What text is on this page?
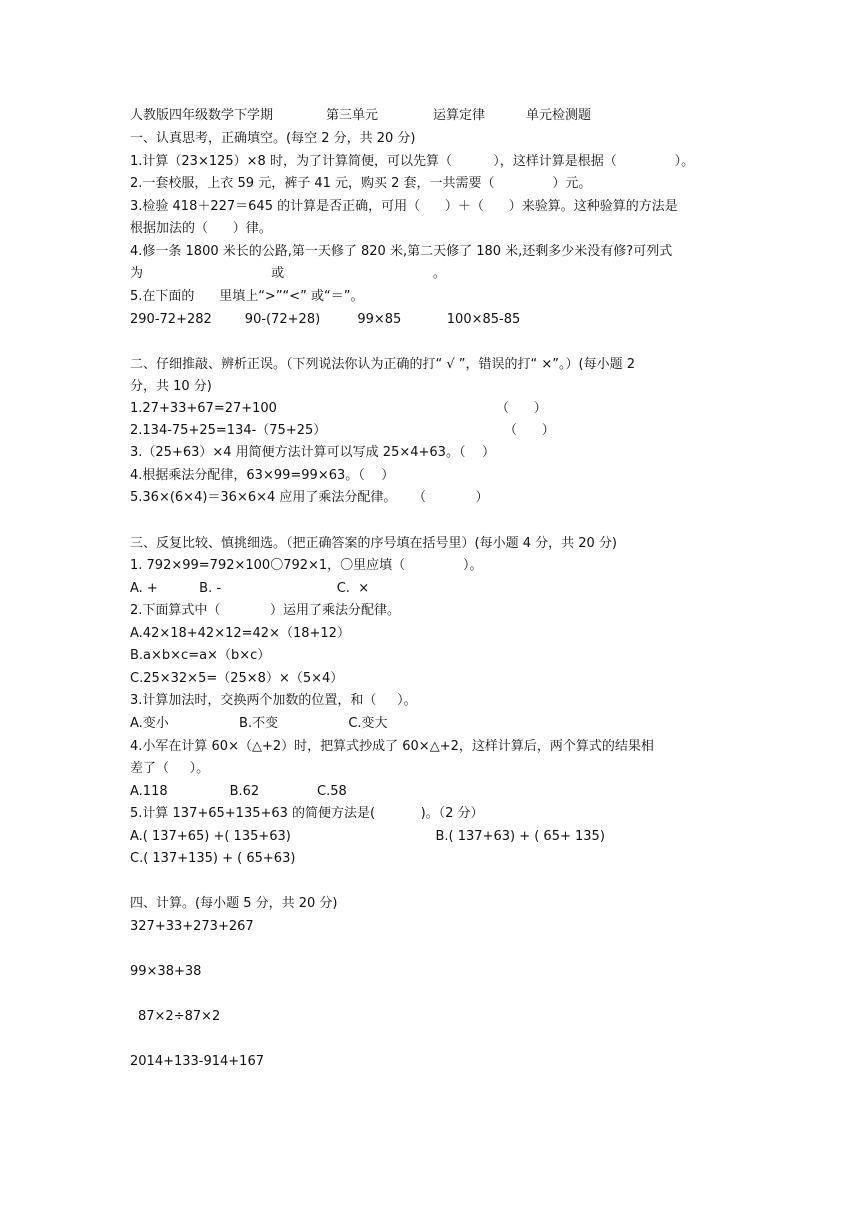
人教版四年级数学下学期

	第三单元

	运算定律

	单元检测题

一、认真思考，正确填空。(每空 2 分，共 20 分)
1.计算（23×125）×8 时，为了计算简便，可以先算（          ），这样计算是根据（              ）。
2.一套校服，上衣 59 元，裤子 41 元，购买 2 套，一共需要（              ）元。
3.检验 418＋227＝645 的计算是否正确，可用（      ）＋（      ）来验算。这种验算的方法是
根据加法的（      ）律。
4.修一条 1800 米长的公路,第一天修了 820 米,第二天修了 180 米,还剩多少米没有修?可列式
为                               或                                    。
5.在下面的      里填上“>”“<” 或“＝”。
290-72+282        90-(72+28)         99×85           100×85-85
二、仔细推敲、辨析正误。（下列说法你认为正确的打“ √ ”，错误的打“ ×”。）(每小题 2
分，共 10 分)
1.27+33+67=27+100                                                     （      ）
2.134-75+25=134-（75+25）                                           （      ）
3.（25+63）×4 用简便方法计算可以写成 25×4+63。（    ）
4.根据乘法分配律，63×99=99×63。（    ）
5.36×(6×4)＝36×6×4 应用了乘法分配律。    （            ）
三、反复比较、慎挑细选。（把正确答案的序号填在括号里）(每小题 4 分，共 20 分)
1. 792×99=792×100〇792×1，〇里应填（              ）。
A. +          B. -                            C.  ×
2.下面算式中（            ）运用了乘法分配律。
A.42×18+42×12=42×（18+12）
B.a×b×c=a×（b×c）
C.25×32×5=（25×8）×（5×4）
3.计算加法时，交换两个加数的位置，和（     ）。
A.变小                 B.不变                 C.变大
4.小军在计算 60×（△+2）时，把算式抄成了 60×△+2，这样计算后，两个算式的结果相
差了（     ）。
A.118               B.62              C.58
5.计算 137+65+135+63 的简便方法是(           )。（2 分）
A.( 137+65) +( 135+63)                                   B.( 137+63) + ( 65+ 135)
C.( 137+135) + ( 65+63)
四、计算。(每小题 5 分，共 20 分)
327+33+273+267
99×38+38
87×2÷87×2
2014+133-914+167
